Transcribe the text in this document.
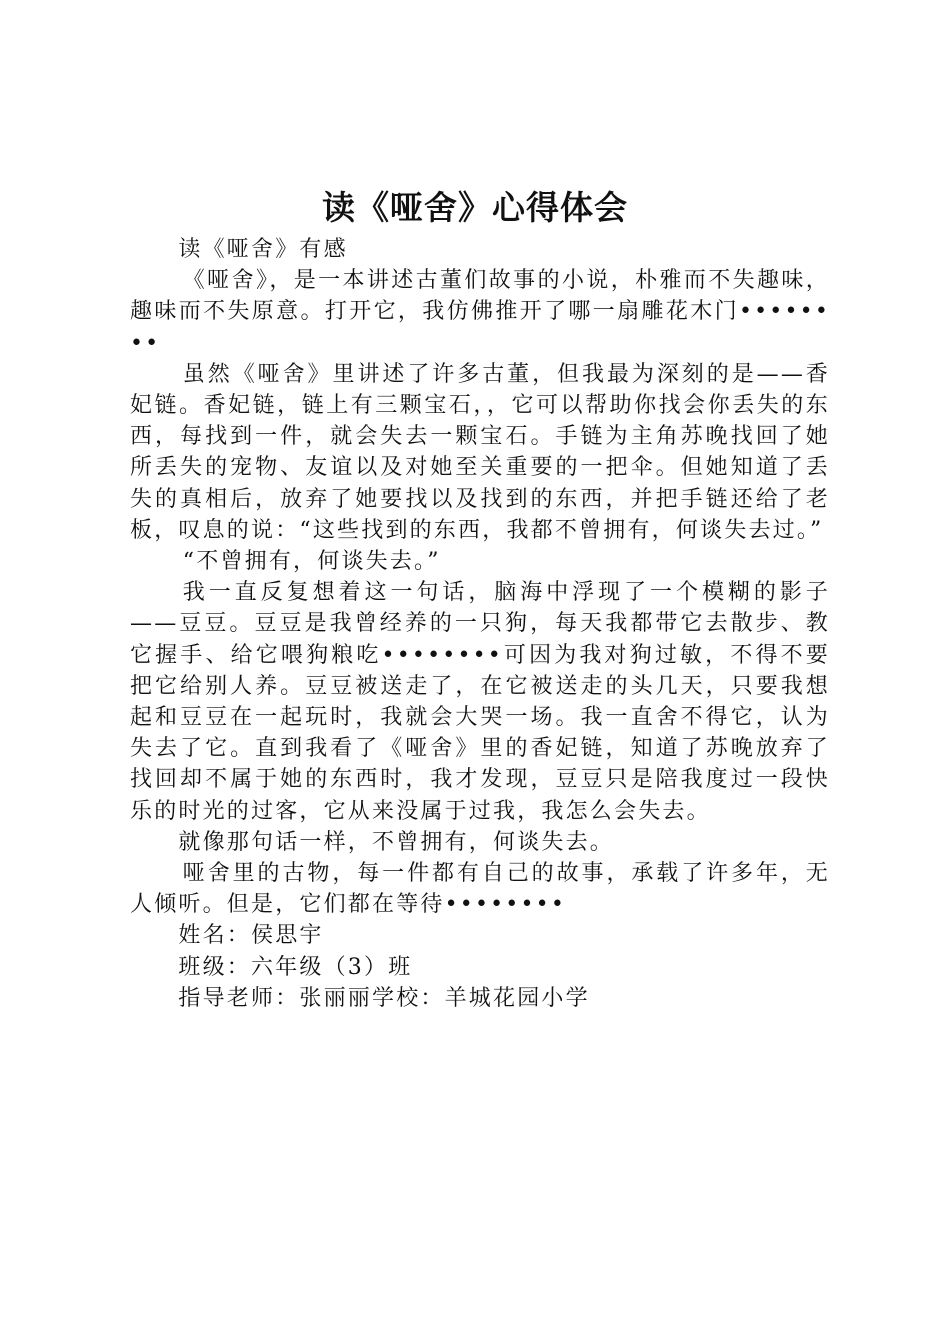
读《哑舍》心得体会

读《哑舍》有感

《哑舍》，是一本讲述古董们故事的小说，朴雅而不失趣味，趣味而不失原意。打开它，我仿佛推开了哪一扇雕花木门••••••••

虽然《哑舍》里讲述了许多古董，但我最为深刻的是——香妃链。香妃链，链上有三颗宝石，，它可以帮助你找会你丢失的东西，每找到一件，就会失去一颗宝石。手链为主角苏晚找回了她所丢失的宠物、友谊以及对她至关重要的一把伞。但她知道了丢失的真相后，放弃了她要找以及找到的东西，并把手链还给了老板，叹息的说：“这些找到的东西，我都不曾拥有，何谈失去过。”

“不曾拥有，何谈失去。”

我一直反复想着这一句话，脑海中浮现了一个模糊的影子——豆豆。豆豆是我曾经养的一只狗，每天我都带它去散步、教它握手、给它喂狗粮吃••••••••可因为我对狗过敏，不得不要把它给别人养。豆豆被送走了，在它被送走的头几天，只要我想起和豆豆在一起玩时，我就会大哭一场。我一直舍不得它，认为失去了它。直到我看了《哑舍》里的香妃链，知道了苏晚放弃了找回却不属于她的东西时，我才发现，豆豆只是陪我度过一段快乐的时光的过客，它从来没属于过我，我怎么会失去。

就像那句话一样，不曾拥有，何谈失去。

哑舍里的古物，每一件都有自己的故事，承载了许多年，无人倾听。但是，它们都在等待••••••••

姓名：侯思宇

班级：六年级（3）班

指导老师：张丽丽学校：羊城花园小学
